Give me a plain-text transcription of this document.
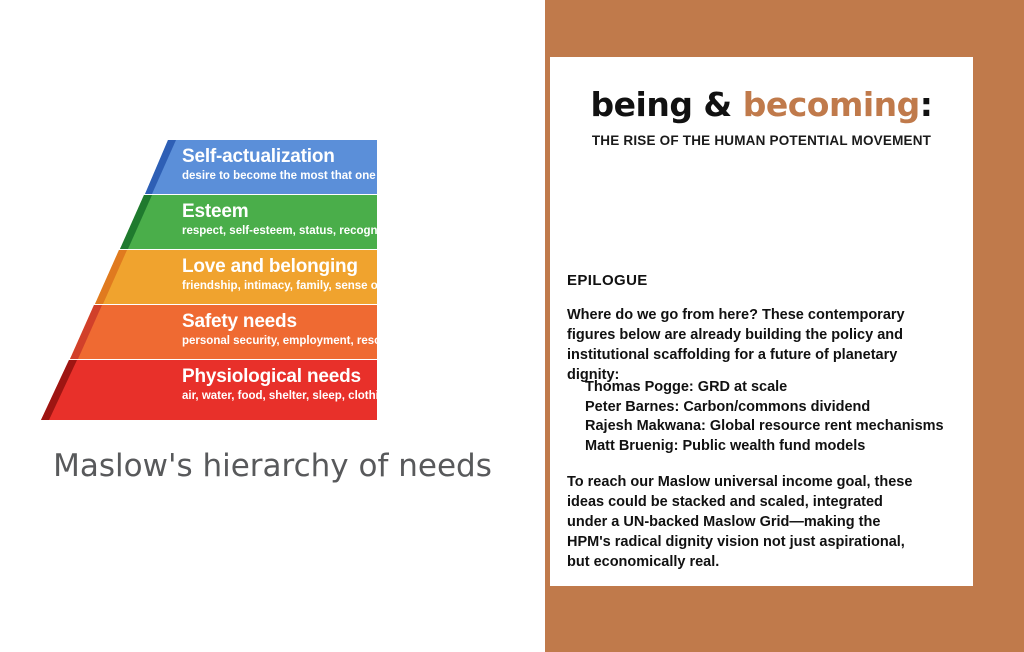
Self-actualization
desire to become the most that one can be
Esteem
respect, self-esteem, status, recognition, strength, freedom
Love and belonging
friendship, intimacy, family, sense of connection
Safety needs
personal security, employment, resources, health, property
Physiological needs
air, water, food, shelter, sleep, clothing, reproduction
Maslow's hierarchy of needs
being & becoming:
THE RISE OF THE HUMAN POTENTIAL MOVEMENT
EPILOGUE
Where do we go from here? These contemporary figures below are already building the policy and institutional scaffolding for a future of planetary dignity:
Thomas Pogge: GRD at scale
Peter Barnes: Carbon/commons dividend
Rajesh Makwana: Global resource rent mechanisms
Matt Bruenig: Public wealth fund models
To reach our Maslow universal income goal, these ideas could be stacked and scaled, integrated under a UN-backed Maslow Grid—making the HPM's radical dignity vision not just aspirational, but economically real.
